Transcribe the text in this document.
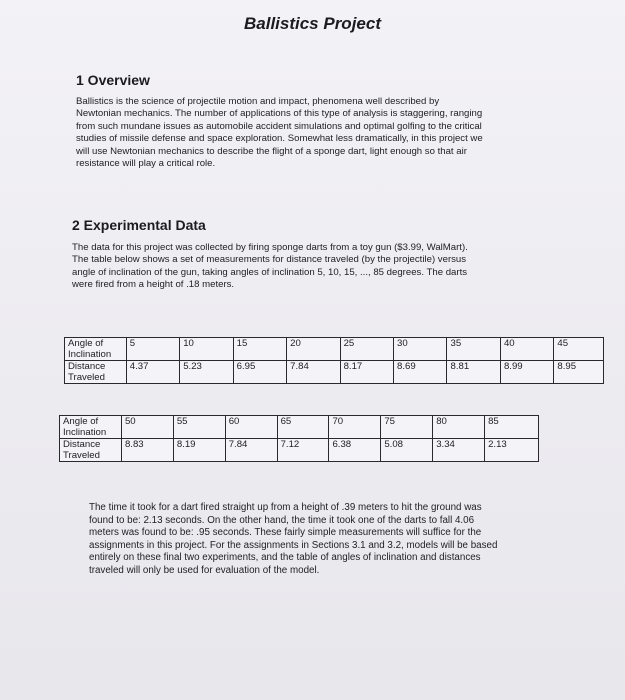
Ballistics Project
1 Overview

Ballistics is the science of projectile motion and impact, phenomena well described by

Newtonian mechanics. The number of applications of this type of analysis is staggering, ranging

from such mundane issues as automobile accident simulations and optimal golfing to the critical

studies of missile defense and space exploration. Somewhat less dramatically, in this project we

will use Newtonian mechanics to describe the flight of a sponge dart, light enough so that air

resistance will play a critical role.

2 Experimental Data

The data for this project was collected by firing sponge darts from a toy gun ($3.99, WalMart).

The table below shows a set of measurements for distance traveled (by the projectile) versus

angle of inclination of the gun, taking angles of inclination 5, 10, 15, ..., 85 degrees. The darts

were fired from a height of .18 meters.

Angle of Inclination	5	10	15	20	25	30	35	40	45
Distance Traveled	4.37	5.23	6.95	7.84	8.17	8.69	8.81	8.99	8.95
Angle of Inclination	50	55	60	65	70	75	80	85
Distance Traveled	8.83	8.19	7.84	7.12	6.38	5.08	3.34	2.13

The time it took for a dart fired straight up from a height of .39 meters to hit the ground was

found to be: 2.13 seconds. On the other hand, the time it took one of the darts to fall 4.06

meters was found to be: .95 seconds. These fairly simple measurements will suffice for the

assignments in this project. For the assignments in Sections 3.1 and 3.2, models will be based

entirely on these final two experiments, and the table of angles of inclination and distances

traveled will only be used for evaluation of the model.
